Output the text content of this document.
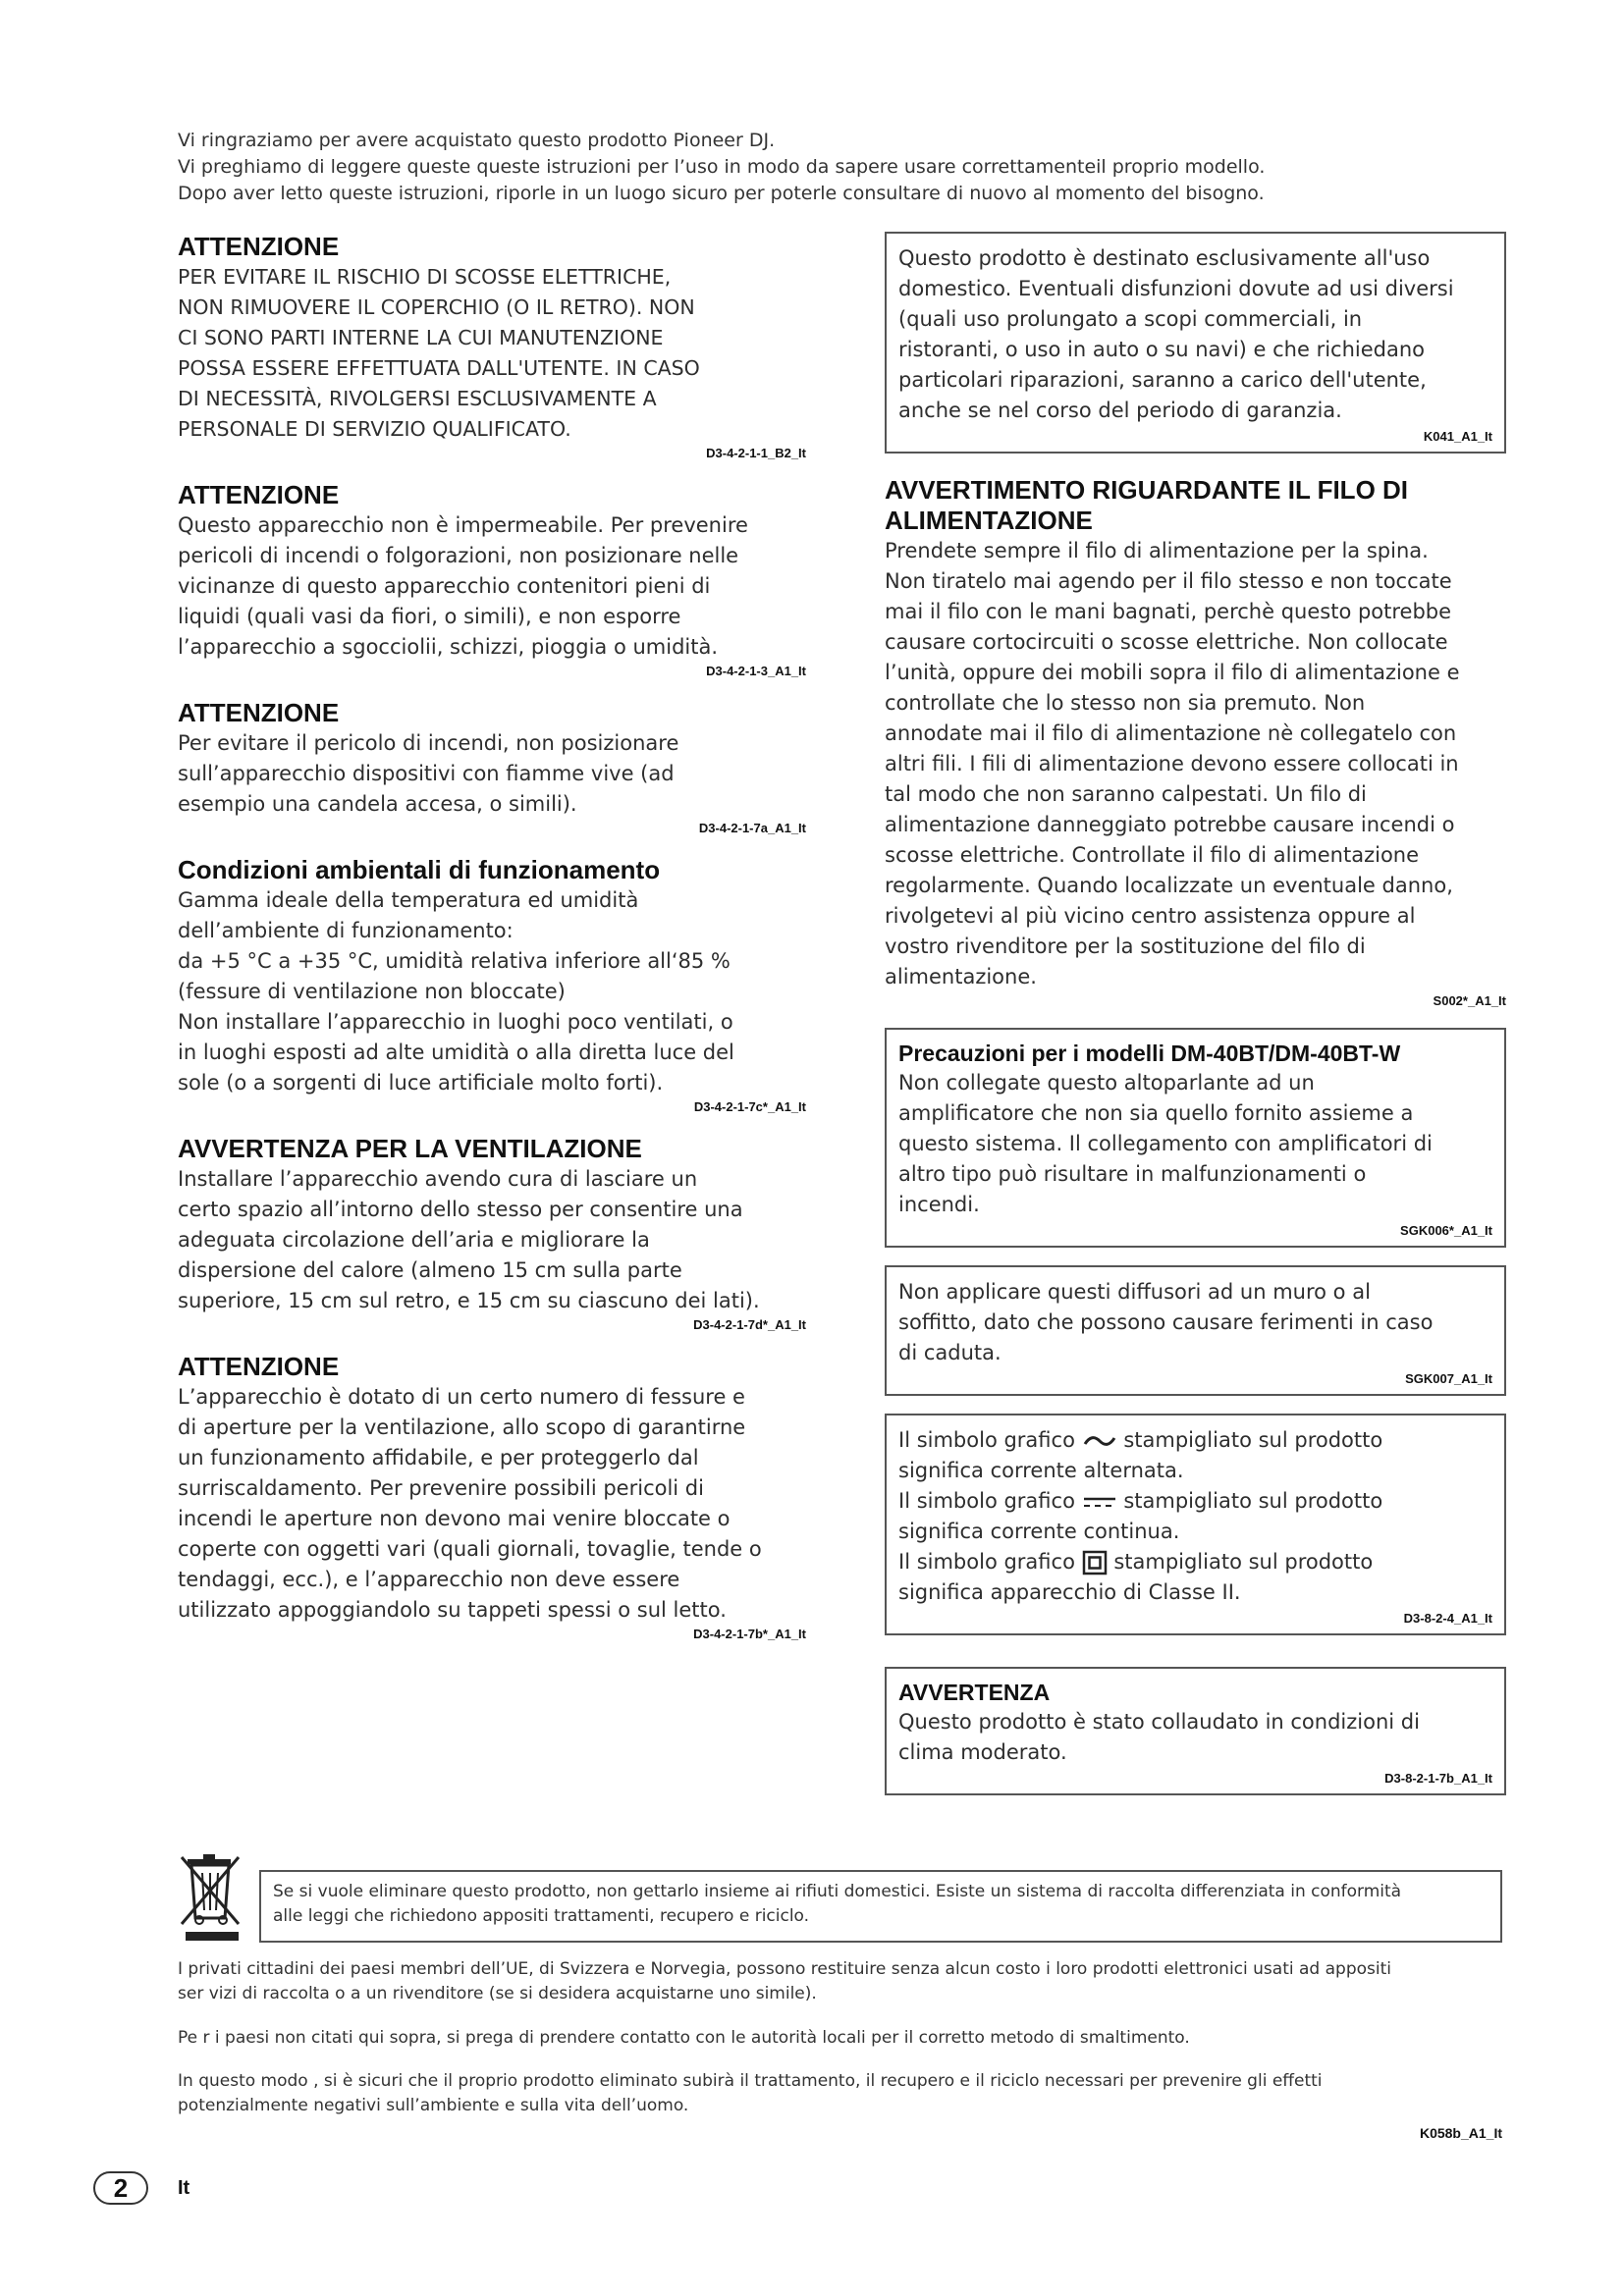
Vi ringraziamo per avere acquistato questo prodotto Pioneer DJ.

Vi preghiamo di leggere queste queste istruzioni per l’uso in modo da sapere usare correttamenteil proprio modello.

Dopo aver letto queste istruzioni, riporle in un luogo sicuro per poterle consultare di nuovo al momento del bisogno.

ATTENZIONE
PER EVITARE IL RISCHIO DI SCOSSE ELETTRICHE,
NON RIMUOVERE IL COPERCHIO (O IL RETRO). NON
CI SONO PARTI INTERNE LA CUI MANUTENZIONE
POSSA ESSERE EFFETTUATA DALL'UTENTE. IN CASO
DI NECESSITÀ, RIVOLGERSI ESCLUSIVAMENTE A
PERSONALE DI SERVIZIO QUALIFICATO.
D3-4-2-1-1_B2_It
ATTENZIONE
Questo apparecchio non è impermeabile. Per prevenire
pericoli di incendi o folgorazioni, non posizionare nelle
vicinanze di questo apparecchio contenitori pieni di
liquidi (quali vasi da fiori, o simili), e non esporre
l’apparecchio a sgocciolii, schizzi, pioggia o umidità.
D3-4-2-1-3_A1_It
ATTENZIONE
Per evitare il pericolo di incendi, non posizionare
sull’apparecchio dispositivi con fiamme vive (ad
esempio una candela accesa, o simili).
D3-4-2-1-7a_A1_It
Condizioni ambientali di funzionamento
Gamma ideale della temperatura ed umidità
dell’ambiente di funzionamento:
da +5 °C a +35 °C, umidità relativa inferiore all‘85 %
(fessure di ventilazione non bloccate)
Non installare l’apparecchio in luoghi poco ventilati, o
in luoghi esposti ad alte umidità o alla diretta luce del
sole (o a sorgenti di luce artificiale molto forti).
D3-4-2-1-7c*_A1_It
AVVERTENZA PER LA VENTILAZIONE
Installare l’apparecchio avendo cura di lasciare un
certo spazio all’intorno dello stesso per consentire una
adeguata circolazione dell’aria e migliorare la
dispersione del calore (almeno 15 cm sulla parte
superiore, 15 cm sul retro, e 15 cm su ciascuno dei lati).
D3-4-2-1-7d*_A1_It
ATTENZIONE
L’apparecchio è dotato di un certo numero di fessure e
di aperture per la ventilazione, allo scopo di garantirne
un funzionamento affidabile, e per proteggerlo dal
surriscaldamento. Per prevenire possibili pericoli di
incendi le aperture non devono mai venire bloccate o
coperte con oggetti vari (quali giornali, tovaglie, tende o
tendaggi, ecc.), e l’apparecchio non deve essere
utilizzato appoggiandolo su tappeti spessi o sul letto.
D3-4-2-1-7b*_A1_It
Questo prodotto è destinato esclusivamente all'uso
domestico. Eventuali disfunzioni dovute ad usi diversi
(quali uso prolungato a scopi commerciali, in
ristoranti, o uso in auto o su navi) e che richiedano
particolari riparazioni, saranno a carico dell'utente,
anche se nel corso del periodo di garanzia.
K041_A1_It
AVVERTIMENTO RIGUARDANTE IL FILO DI
ALIMENTAZIONE
Prendete sempre il filo di alimentazione per la spina.
Non tiratelo mai agendo per il filo stesso e non toccate
mai il filo con le mani bagnati, perchè questo potrebbe
causare cortocircuiti o scosse elettriche. Non collocate
l’unità, oppure dei mobili sopra il filo di alimentazione e
controllate che lo stesso non sia premuto. Non
annodate mai il filo di alimentazione nè collegatelo con
altri fili. I fili di alimentazione devono essere collocati in
tal modo che non saranno calpestati. Un filo di
alimentazione danneggiato potrebbe causare incendi o
scosse elettriche. Controllate il filo di alimentazione
regolarmente. Quando localizzate un eventuale danno,
rivolgetevi al più vicino centro assistenza oppure al
vostro rivenditore per la sostituzione del filo di
alimentazione.
S002*_A1_It
Precauzioni per i modelli DM-40BT/DM-40BT-W
Non collegate questo altoparlante ad un
amplificatore che non sia quello fornito assieme a
questo sistema. Il collegamento con amplificatori di
altro tipo può risultare in malfunzionamenti o
incendi.
SGK006*_A1_It
Non applicare questi diffusori ad un muro o al
soffitto, dato che possono causare ferimenti in caso
di caduta.
SGK007_A1_It
Il simbolo grafico stampigliato sul prodotto
significa corrente alternata.
Il simbolo grafico stampigliato sul prodotto
significa corrente continua.
Il simbolo grafico stampigliato sul prodotto
significa apparecchio di Classe II.
D3-8-2-4_A1_It
AVVERTENZA
Questo prodotto è stato collaudato in condizioni di
clima moderato.
D3-8-2-1-7b_A1_It
Se si vuole eliminare questo prodotto, non gettarlo insieme ai rifiuti domestici. Esiste un sistema di raccolta differenziata in conformità
alle leggi che richiedono appositi trattamenti, recupero e riciclo.
I privati cittadini dei paesi membri dell’UE, di Svizzera e Norvegia, possono restituire senza alcun costo i loro prodotti elettronici usati ad appositi
ser vizi di raccolta o a un rivenditore (se si desidera acquistarne uno simile).
Pe r i paesi non citati qui sopra, si prega di prendere contatto con le autorità locali per il corretto metodo di smaltimento.
In questo modo , si è sicuri che il proprio prodotto eliminato subirà il trattamento, il recupero e il riciclo necessari per prevenire gli effetti
potenzialmente negativi sull’ambiente e sulla vita dell’uomo.
K058b_A1_It
2	It
